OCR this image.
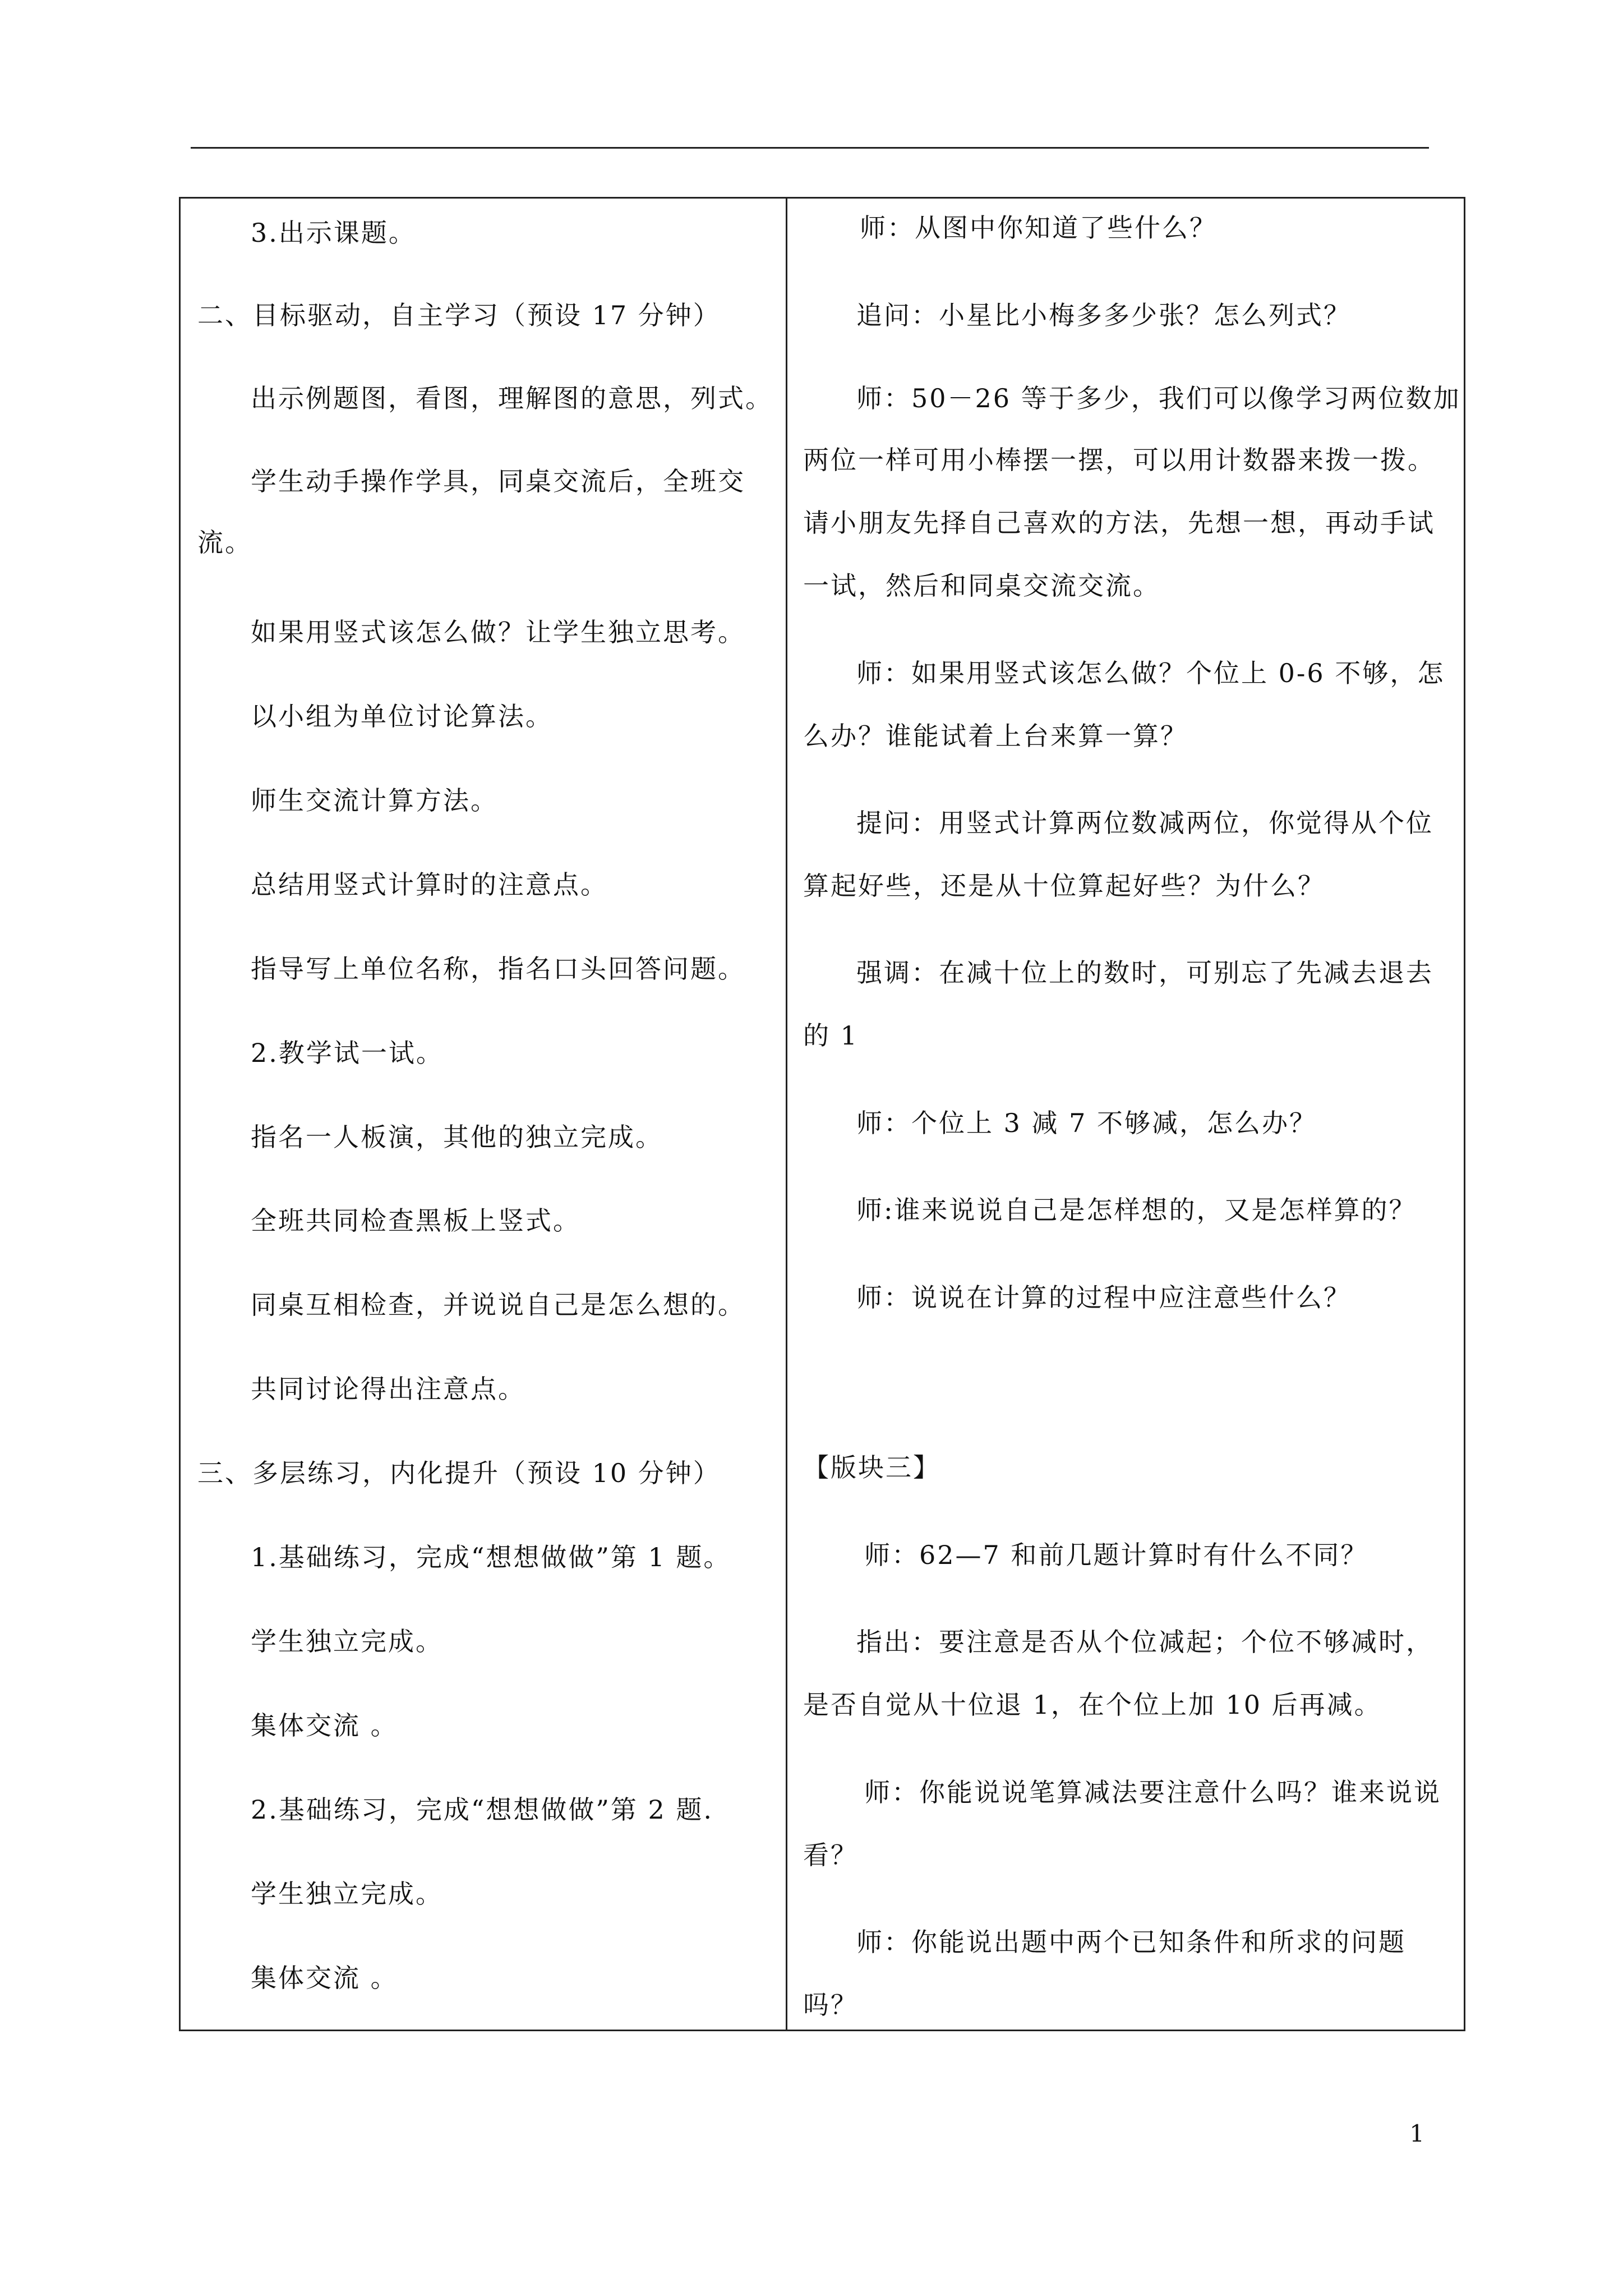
3.出示课题。
二、目标驱动，自主学习（预设 17 分钟）
出示例题图，看图，理解图的意思，列式。
学生动手操作学具，同桌交流后，全班交
流。
如果用竖式该怎么做？让学生独立思考。
以小组为单位讨论算法。
师生交流计算方法。
总结用竖式计算时的注意点。
指导写上单位名称，指名口头回答问题。
2.教学试一试。
指名一人板演，其他的独立完成。
全班共同检查黑板上竖式。
同桌互相检查，并说说自己是怎么想的。
共同讨论得出注意点。
三、多层练习，内化提升（预设 10 分钟）
1.基础练习，完成“想想做做”第 1 题。
学生独立完成。
集体交流 。
2.基础练习，完成“想想做做”第 2 题.
学生独立完成。
集体交流 。
师：从图中你知道了些什么？
追问：小星比小梅多多少张？怎么列式？
师：50－26 等于多少，我们可以像学习两位数加
两位一样可用小棒摆一摆，可以用计数器来拨一拨。
请小朋友先择自己喜欢的方法，先想一想，再动手试
一试，然后和同桌交流交流。
师：如果用竖式该怎么做？个位上 0-6 不够，怎
么办？谁能试着上台来算一算？
提问：用竖式计算两位数减两位，你觉得从个位
算起好些，还是从十位算起好些？为什么？
强调：在减十位上的数时，可别忘了先减去退去
的 1
师：个位上 3 减 7 不够减，怎么办？
师:谁来说说自己是怎样想的，又是怎样算的？
师：说说在计算的过程中应注意些什么？
【版块三】
师：62—7 和前几题计算时有什么不同？
指出：要注意是否从个位减起；个位不够减时，
是否自觉从十位退 1，在个位上加 10 后再减。
师：你能说说笔算减法要注意什么吗？谁来说说
看？
师：你能说出题中两个已知条件和所求的问题
吗？
1
